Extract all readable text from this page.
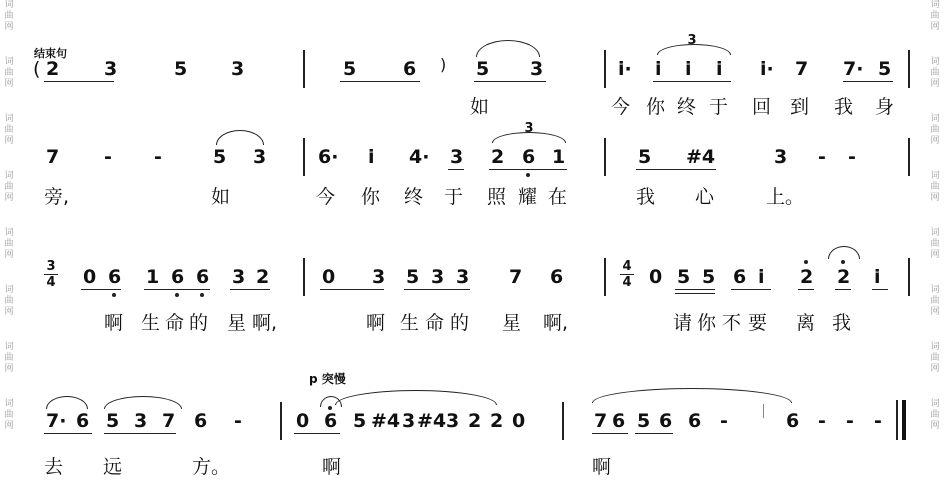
词
曲
网
词
曲
网
词
曲
网
词
曲
网
词
曲
网
词
曲
网
词
曲
网
词
曲
网
词
曲
网
词
曲
网
词
曲
网
词
曲
网
词
曲
网
词
曲
网
词
曲
网
词
曲
网
结束句
( 2 3	5 3	5 6 ) 5 3	i·
3
i i i i· 7 7· 5
如	今 你 终 于 回 到 我 身
7 - -	5 3	6· i 4· 3
3
2 6 1	5 #4	3 - -
旁,	如	今 你 终 于 照 耀 在	我 心	上。
3
4 0 6 1 6 6 3 2	0 3 5 3 3 7 6	4
4 0 5 5 6 i 2 2 i
啊 生 命 的 星 啊,	啊 生 命 的 星 啊,	请 你 不 要 离 我
p 突慢
7· 6 5 3 7 6 -	0 6 5 #4 3 #4 3 2 2 0	7 6 5 6 6 -	6 - - -
去 远	方。	啊	啊
